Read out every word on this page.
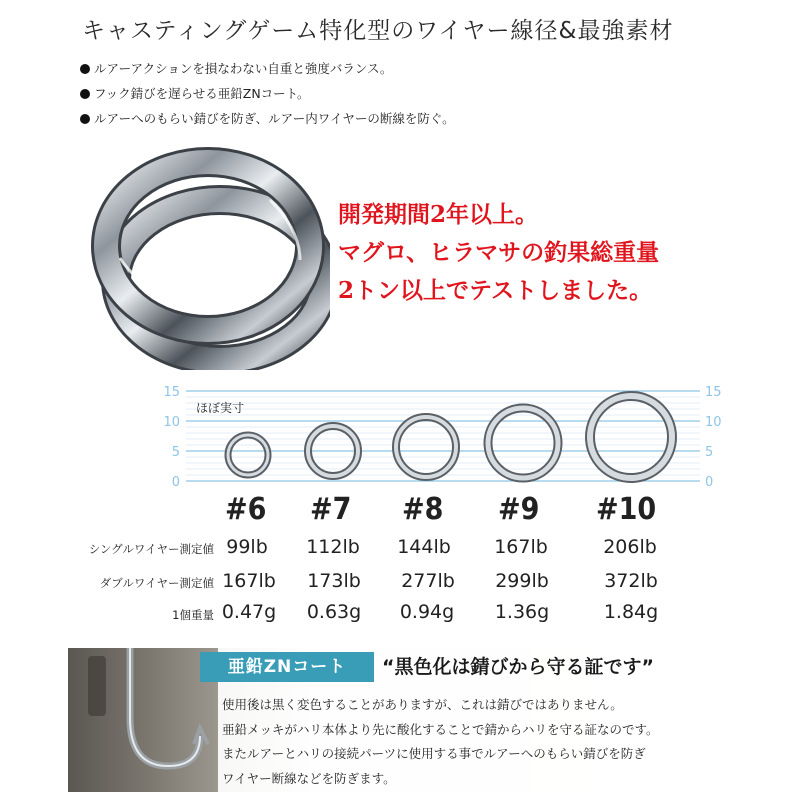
キャスティングゲーム特化型のワイヤー線径&最強素材
ルアーアクションを損なわない自重と強度バランス。
フック錆びを遅らせる亜鉛ZNコート。
ルアーへのもらい錆びを防ぎ、ルアー内ワイヤーの断線を防ぐ。
開発期間2年以上。
マグロ、ヒラマサの釣果総重量
2トン以上でテストしました。
15
10
5
0
15
10
5
0
ほぼ実寸
#6 #7 #8 #9 #10
シングルワイヤー測定値 99lb 112lb 144lb 167lb	206lb
ダブルワイヤー測定値 167lb 173lb 277lb 299lb	372lb
1個重量 0.47g 0.63g 0.94g 1.36g	1.84g
亜鉛ZNコート	“黒色化は錆びから守る証です”
使用後は黒く変色することがありますが、これは錆びではありません。
亜鉛メッキがハリ本体より先に酸化することで錆からハリを守る証なのです。
またルアーとハリの接続パーツに使用する事でルアーへのもらい錆びを防ぎ
ワイヤー断線などを防ぎます。
